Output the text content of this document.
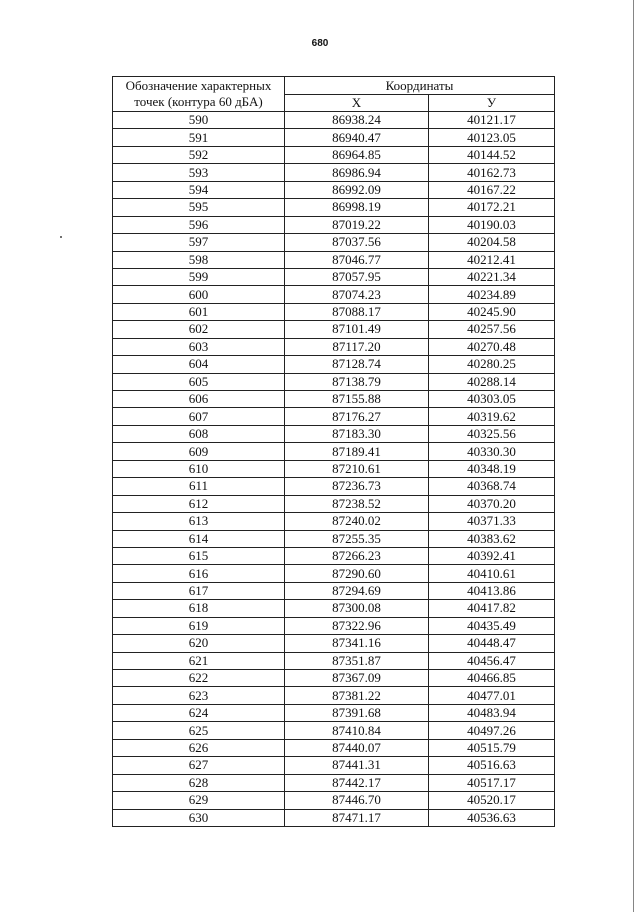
680
Обозначение характерных точек (контура 60 дБА)	Координаты	
	Х	У
590	86938.24	40121.17
591	86940.47	40123.05
592	86964.85	40144.52
593	86986.94	40162.73
594	86992.09	40167.22
595	86998.19	40172.21
596	87019.22	40190.03
597	87037.56	40204.58
598	87046.77	40212.41
599	87057.95	40221.34
600	87074.23	40234.89
601	87088.17	40245.90
602	87101.49	40257.56
603	87117.20	40270.48
604	87128.74	40280.25
605	87138.79	40288.14
606	87155.88	40303.05
607	87176.27	40319.62
608	87183.30	40325.56
609	87189.41	40330.30
610	87210.61	40348.19
611	87236.73	40368.74
612	87238.52	40370.20
613	87240.02	40371.33
614	87255.35	40383.62
615	87266.23	40392.41
616	87290.60	40410.61
617	87294.69	40413.86
618	87300.08	40417.82
619	87322.96	40435.49
620	87341.16	40448.47
621	87351.87	40456.47
622	87367.09	40466.85
623	87381.22	40477.01
624	87391.68	40483.94
625	87410.84	40497.26
626	87440.07	40515.79
627	87441.31	40516.63
628	87442.17	40517.17
629	87446.70	40520.17
630	87471.17	40536.63
